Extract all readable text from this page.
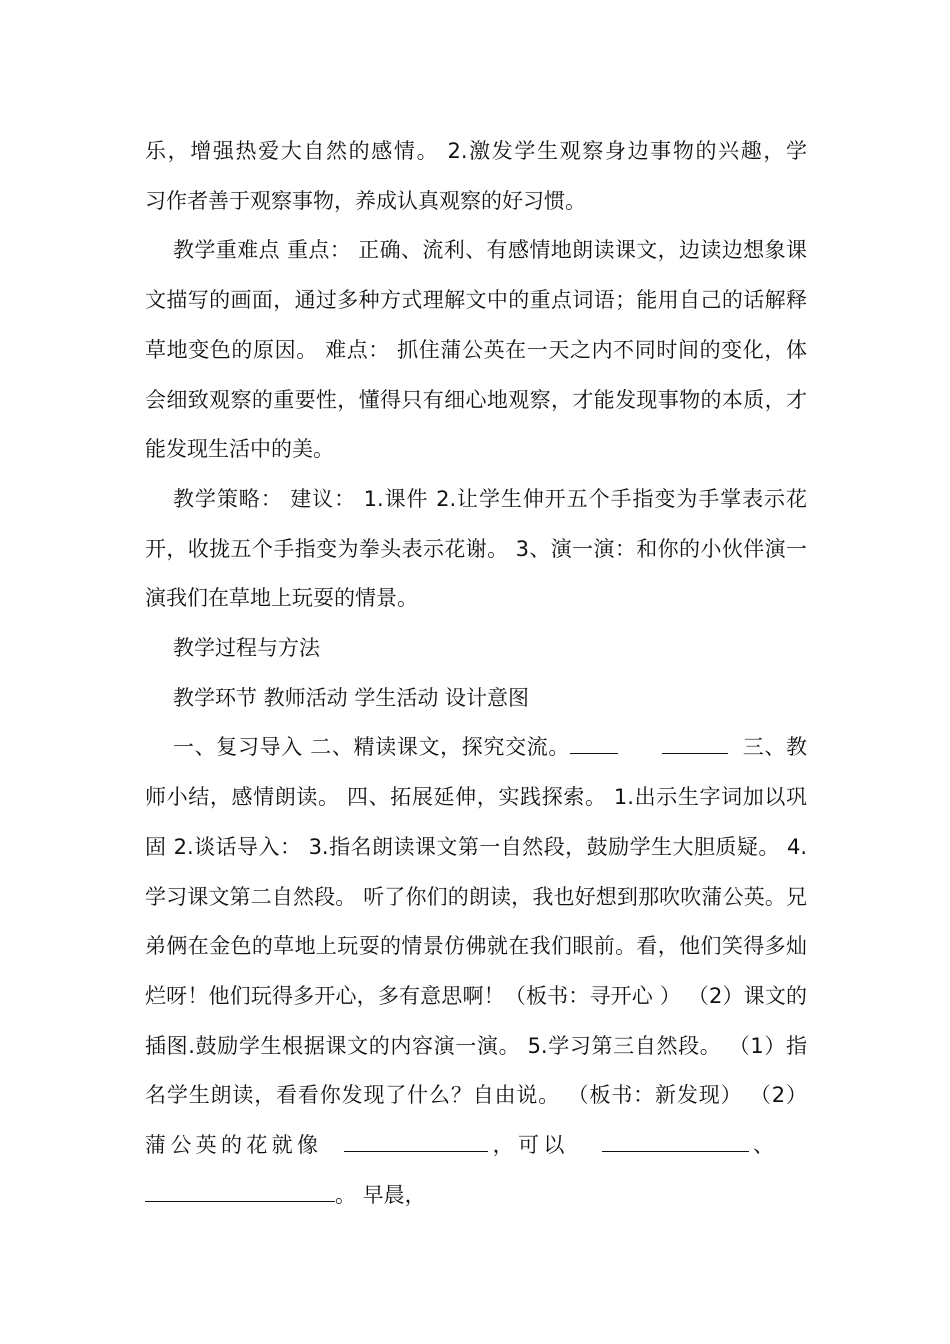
乐，增强热爱大自然的感情。 2.激发学生观察身边事物的兴趣，学

习作者善于观察事物，养成认真观察的好习惯。

教学重难点 重点： 正确、流利、有感情地朗读课文，边读边想象课文描写的画面，通过多种方式理解文中的重点词语；能用自己的话解释草地变色的原因。 难点： 抓住蒲公英在一天之内不同时间的变化，体会细致观察的重要性，懂得只有细心地观察，才能发现事物的本质，才能发现生活中的美。

教学策略： 建议： 1.课件 2.让学生伸开五个手指变为手掌表示花开，收拢五个手指变为拳头表示花谢。 3、演一演：和你的小伙伴演一演我们在草地上玩耍的情景。

教学过程与方法

教学环节 教师活动 学生活动 设计意图

一、复习导入 二、精读课文，探究交流。	三、教师小结，感情朗读。 四、拓展延伸，实践探索。 1.出示生字词加以巩固 2.谈话导入： 3.指名朗读课文第一自然段，鼓励学生大胆质疑。 4.学习课文第二自然段。 听了你们的朗读，我也好想到那吹吹蒲公英。兄弟俩在金色的草地上玩耍的情景仿佛就在我们眼前。看，他们笑得多灿烂呀！他们玩得多开心，多有意思啊！（板书：寻开心 ） （2）课文的插图.鼓励学生根据课文的内容演一演。 5.学习第三自然段。 （1）指名学生朗读，看看你发现了什么？自由说。 （板书：新发现） （2） 蒲公英的花就像	，可以	、   。 早晨，
